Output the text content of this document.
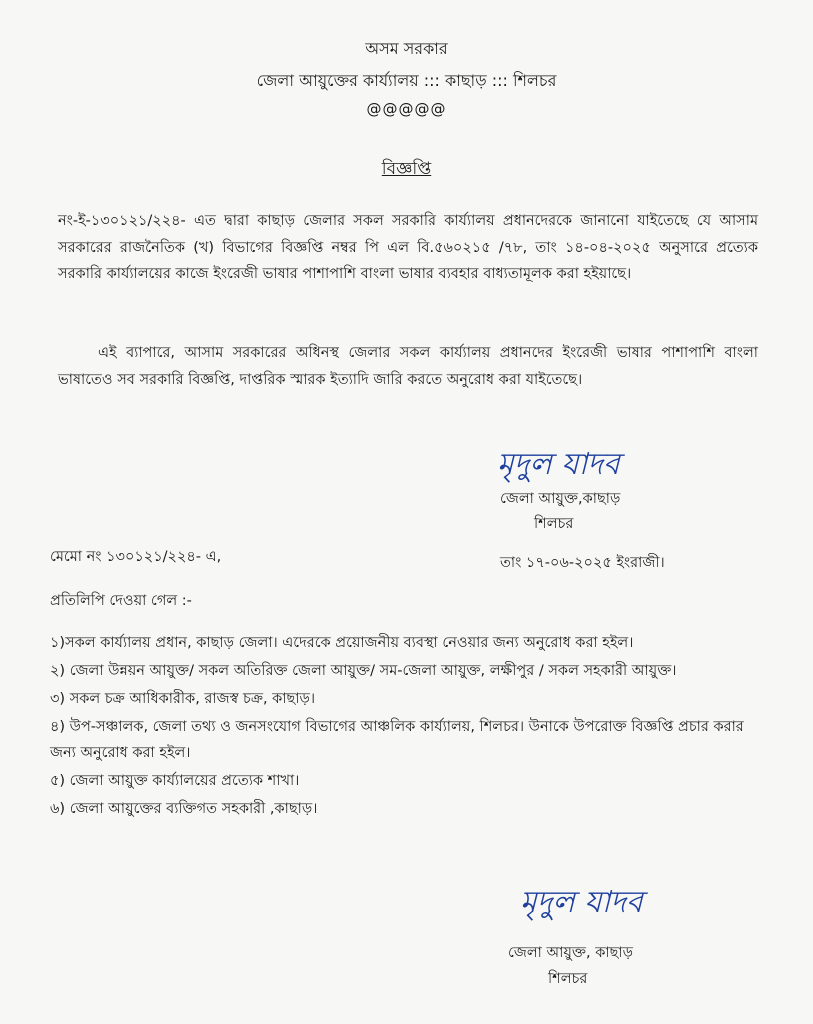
অসম সরকার
জেলা আয়ুক্তের কার্য্যালয় ::: কাছাড় ::: শিলচর
@@@@@
বিজ্ঞপ্তি
নং-ই-১৩০১২১/২২৪- এত দ্বারা কাছাড় জেলার সকল সরকারি কার্য্যালয় প্রধানদেরকে জানানো যাইতেছে যে আসাম সরকারের রাজনৈতিক (খ) বিভাগের বিজ্ঞপ্তি নম্বর পি এল বি.৫৬০২১৫ /৭৮, তাং ১৪-০৪-২০২৫ অনুসারে প্রত্যেক সরকারি কার্য্যালয়ের কাজে ইংরেজী ভাষার পাশাপাশি বাংলা ভাষার ব্যবহার বাধ্যতামূলক করা হইয়াছে।
এই ব্যাপারে, আসাম সরকারের অধিনস্থ জেলার সকল কার্য্যালয় প্রধানদের ইংরেজী ভাষার পাশাপাশি বাংলা ভাষাতেও সব সরকারি বিজ্ঞপ্তি, দাপ্তরিক স্মারক ইত্যাদি জারি করতে অনুরোধ করা যাইতেছে।
মৃদুল যাদব
জেলা আয়ুক্ত,কাছাড়
শিলচর
মেমো নং ১৩০১২১/২২৪- এ,	তাং ১৭-০৬-২০২৫ ইংরাজী।
প্রতিলিপি দেওয়া গেল :-
১)সকল কার্য্যালয় প্রধান, কাছাড় জেলা। এদেরকে প্রয়োজনীয় ব্যবস্থা নেওয়ার জন্য অনুরোধ করা হইল।
২) জেলা উন্নয়ন আয়ুক্ত/ সকল অতিরিক্ত জেলা আয়ুক্ত/ সম-জেলা আয়ুক্ত, লক্ষীপুর / সকল সহকারী আয়ুক্ত।
৩) সকল চক্র আধিকারীক, রাজস্ব চক্র, কাছাড়।
৪) উপ-সঞ্চালক, জেলা তথ্য ও জনসংযোগ বিভাগের আঞ্চলিক কার্য্যালয়, শিলচর। উনাকে উপরোক্ত বিজ্ঞপ্তি প্রচার করার জন্য অনুরোধ করা হইল।
৫) জেলা আয়ুক্ত কার্য্যালয়ের প্রত্যেক শাখা।
৬) জেলা আয়ুক্তের ব্যক্তিগত সহকারী ,কাছাড়।
মৃদুল যাদব
জেলা আয়ুক্ত, কাছাড়
শিলচর
